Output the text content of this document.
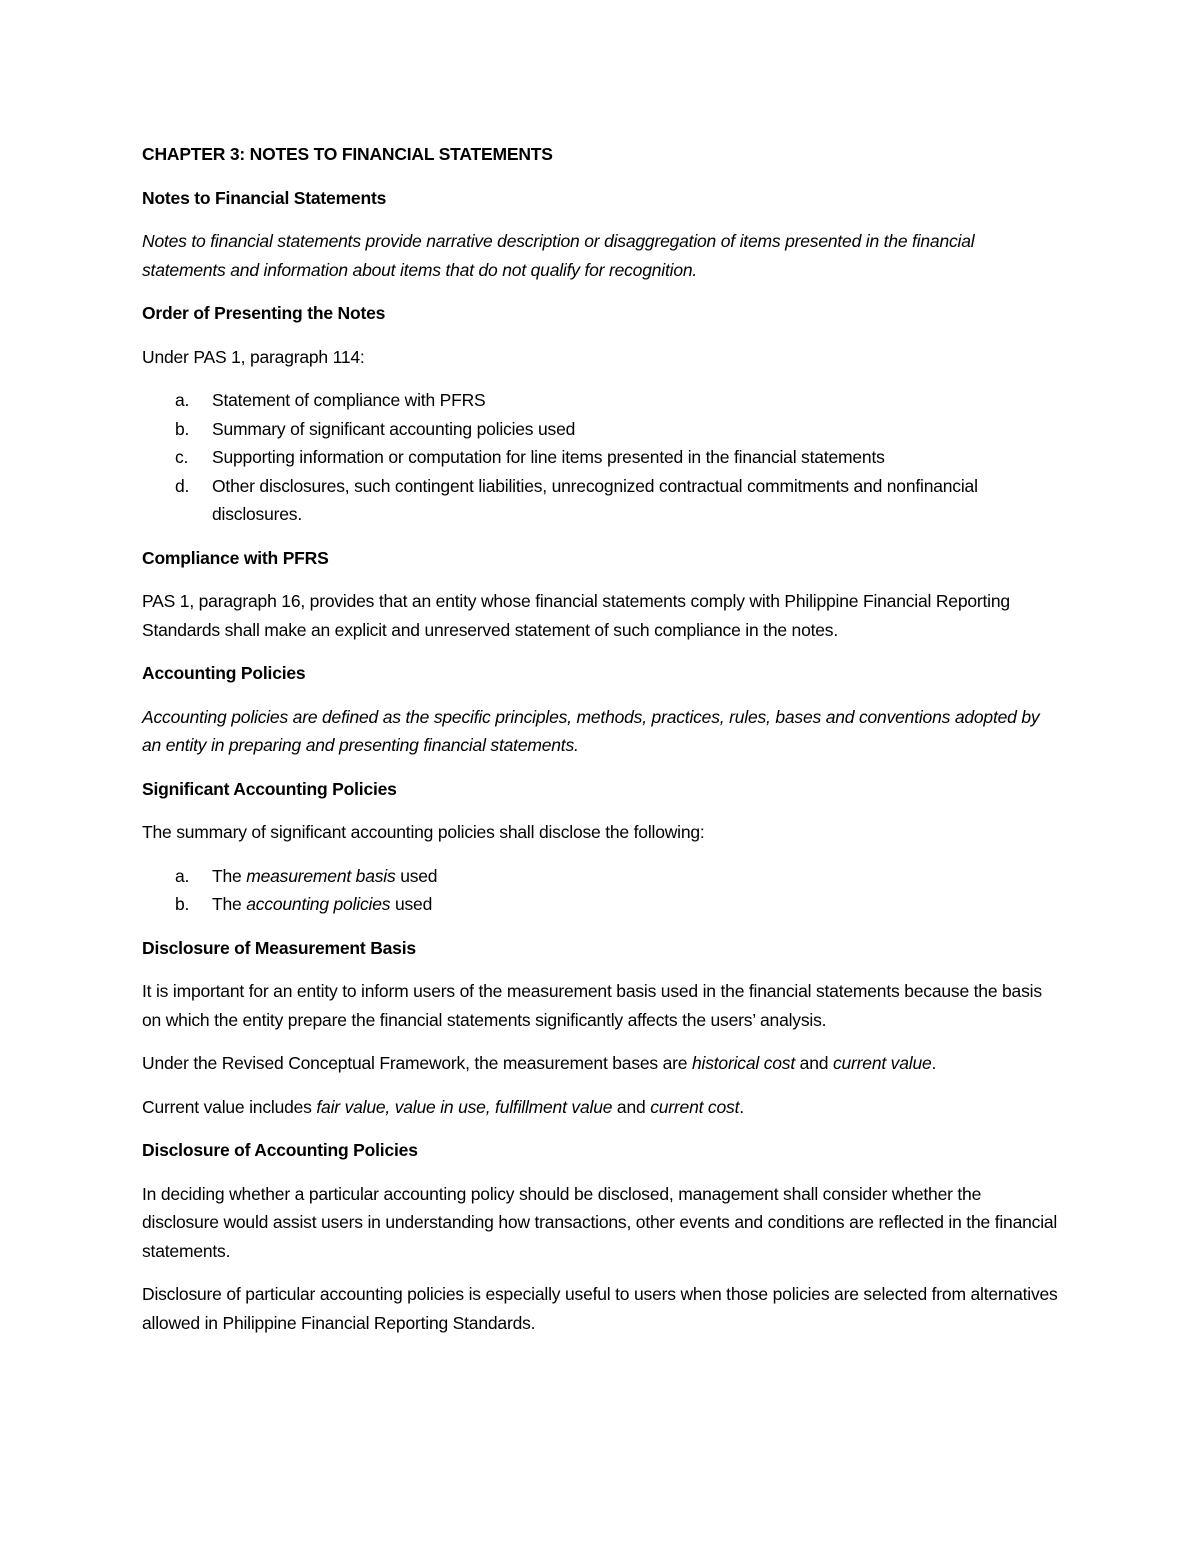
CHAPTER 3: NOTES TO FINANCIAL STATEMENTS
Notes to Financial Statements
Notes to financial statements provide narrative description or disaggregation of items presented in the financial statements and information about items that do not qualify for recognition.
Order of Presenting the Notes
Under PAS 1, paragraph 114:
a.	Statement of compliance with PFRS
b.	Summary of significant accounting policies used
c.	Supporting information or computation for line items presented in the financial statements
d.	Other disclosures, such contingent liabilities, unrecognized contractual commitments and nonfinancial disclosures.
Compliance with PFRS
PAS 1, paragraph 16, provides that an entity whose financial statements comply with Philippine Financial Reporting Standards shall make an explicit and unreserved statement of such compliance in the notes.
Accounting Policies
Accounting policies are defined as the specific principles, methods, practices, rules, bases and conventions adopted by an entity in preparing and presenting financial statements.
Significant Accounting Policies
The summary of significant accounting policies shall disclose the following:
a.	The measurement basis used
b.	The accounting policies used
Disclosure of Measurement Basis
It is important for an entity to inform users of the measurement basis used in the financial statements because the basis on which the entity prepare the financial statements significantly affects the users’ analysis.
Under the Revised Conceptual Framework, the measurement bases are historical cost and current value.
Current value includes fair value, value in use, fulfillment value and current cost.
Disclosure of Accounting Policies
In deciding whether a particular accounting policy should be disclosed, management shall consider whether the disclosure would assist users in understanding how transactions, other events and conditions are reflected in the financial statements.
Disclosure of particular accounting policies is especially useful to users when those policies are selected from alternatives allowed in Philippine Financial Reporting Standards.
